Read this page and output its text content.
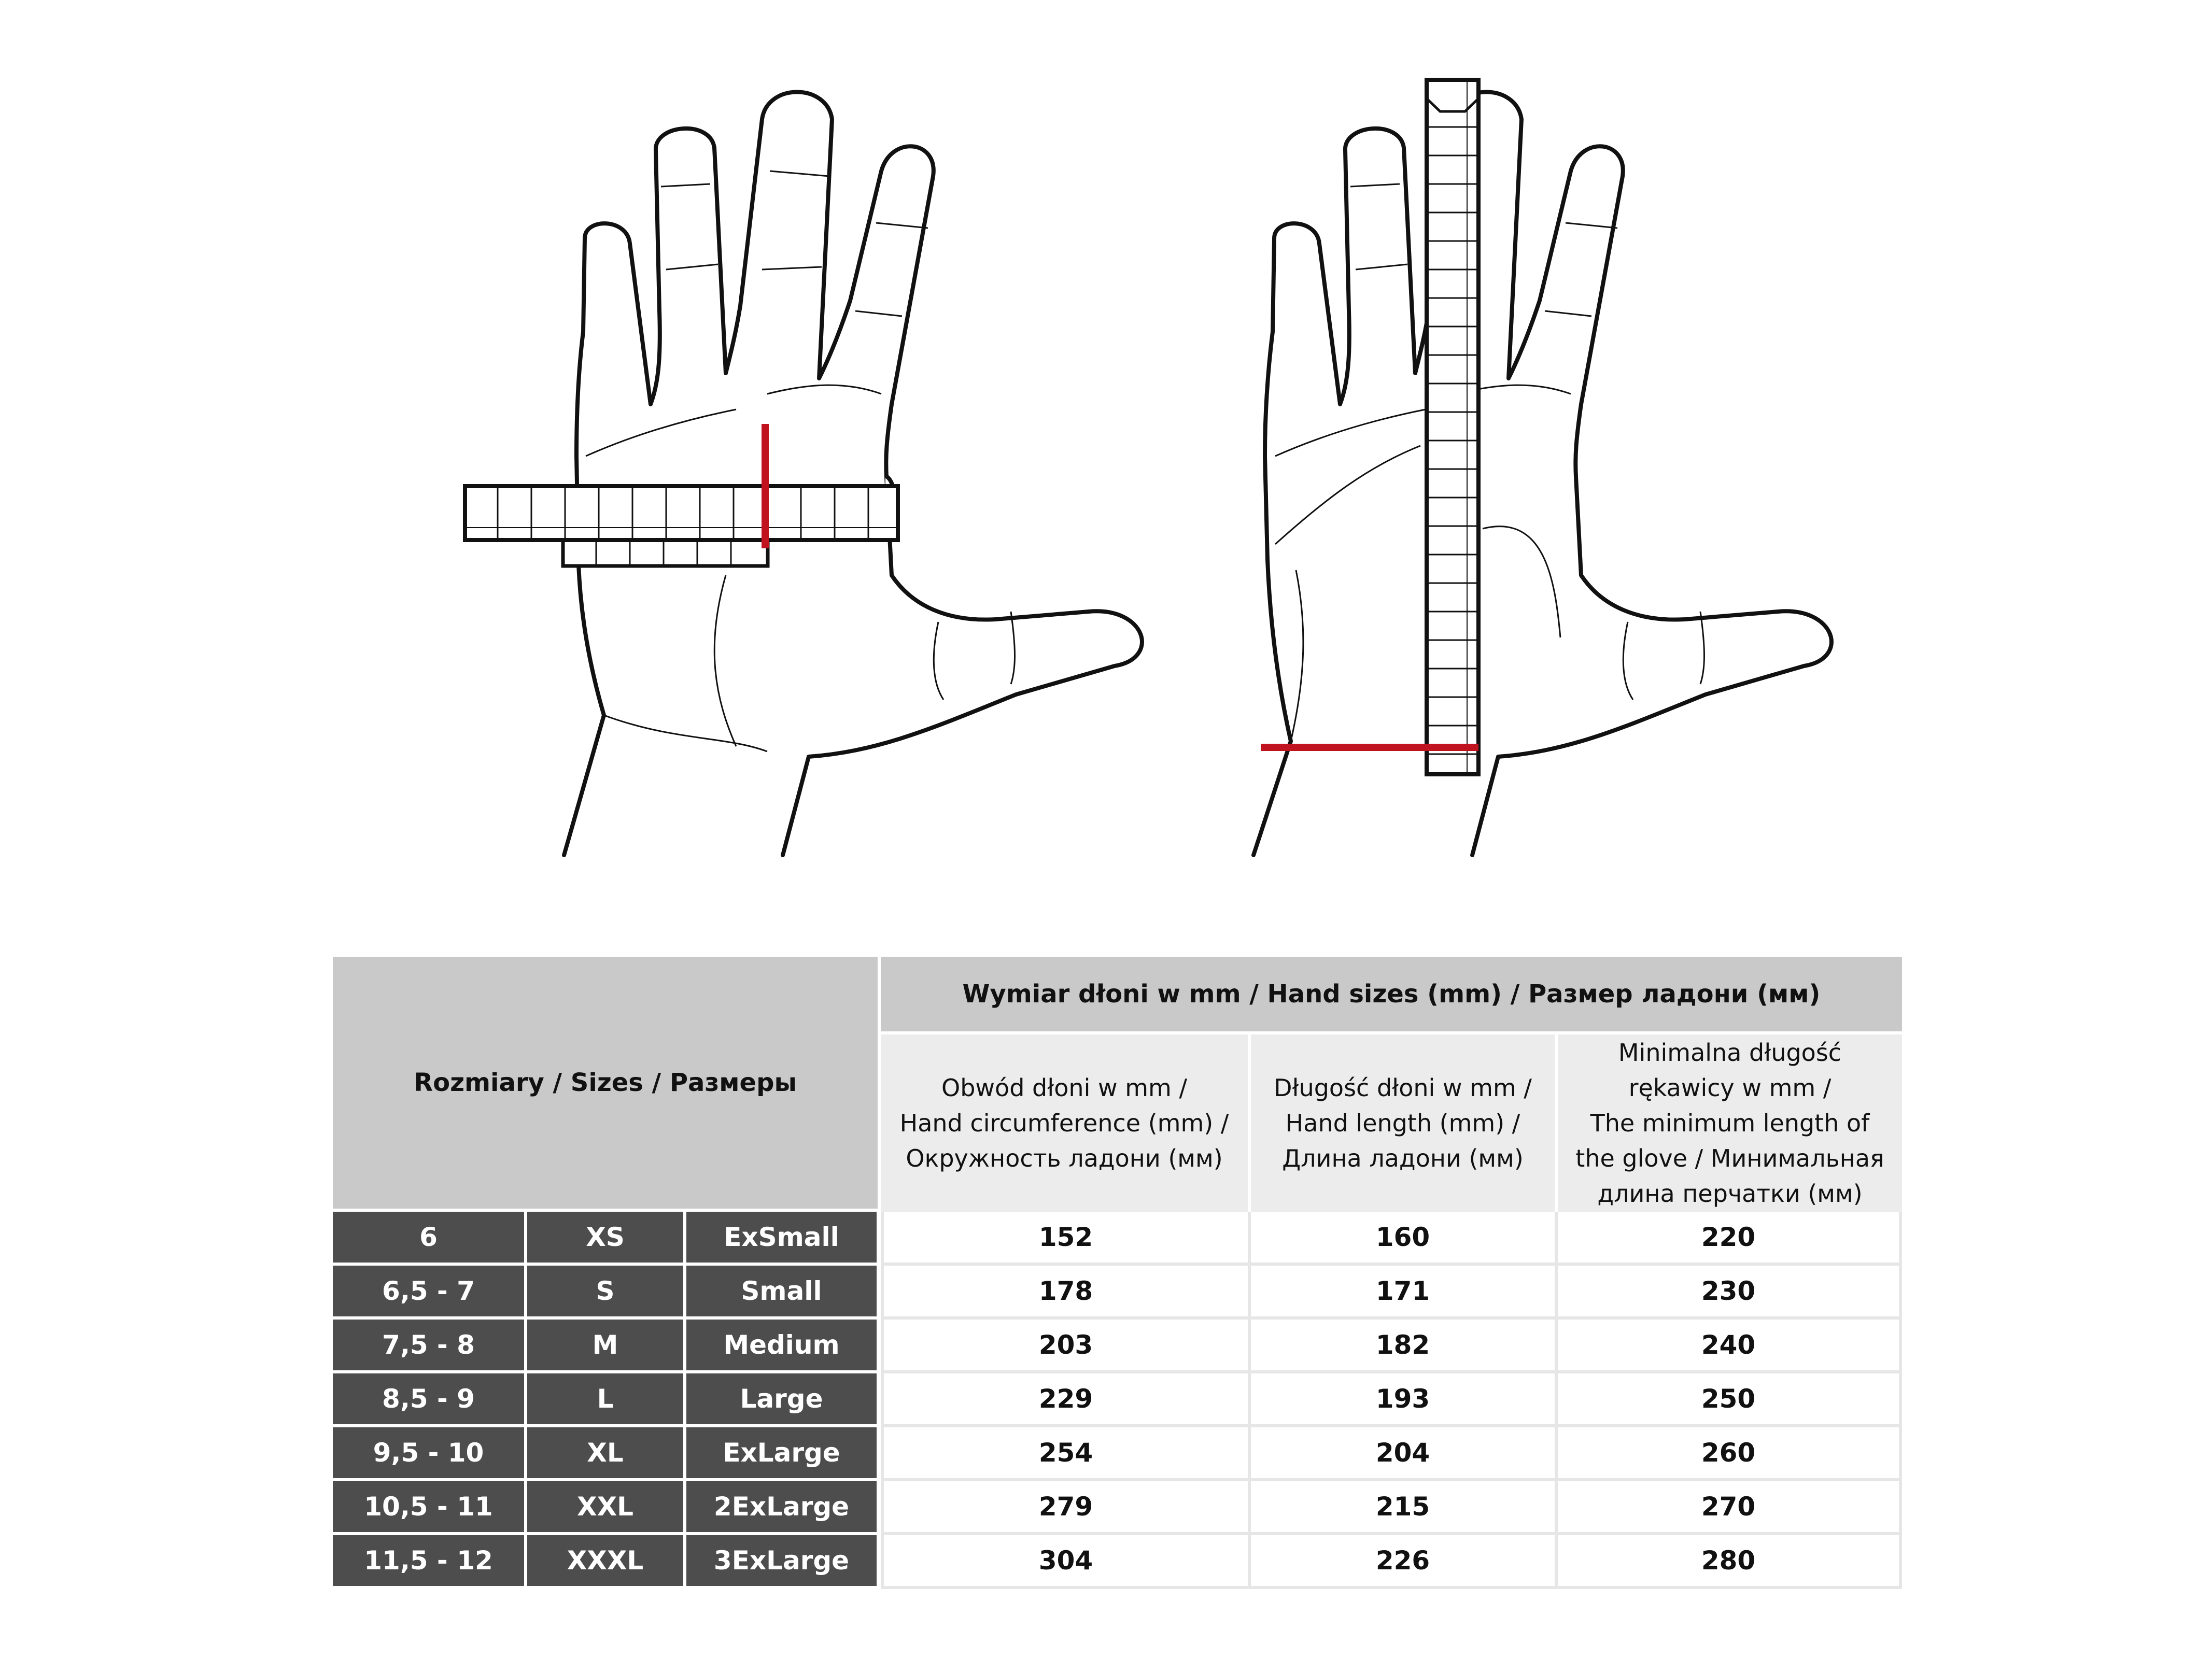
Rozmiary / Sizes / Размеры			Wymiar dłoni w mm / Hand sizes (mm) / Размер ладони (мм)		

			Obwód dłoni w mm /
Hand circumference (mm) /
Окружность ладони (мм)	Długość dłoni w mm /
Hand length (mm) /
Длина ладони (мм)	Minimalna długość
rękawicy w mm /
The minimum length of
the glove / Минимальная
длина перчатки (мм)

6	XS	ExSmall	152	160	220
6,5 - 7	S	Small	178	171	230
7,5 - 8	M	Medium	203	182	240
8,5 - 9	L	Large	229	193	250
9,5 - 10	XL	ExLarge	254	204	260
10,5 - 11	XXL	2ExLarge	279	215	270
11,5 - 12	XXXL	3ExLarge	304	226	280
